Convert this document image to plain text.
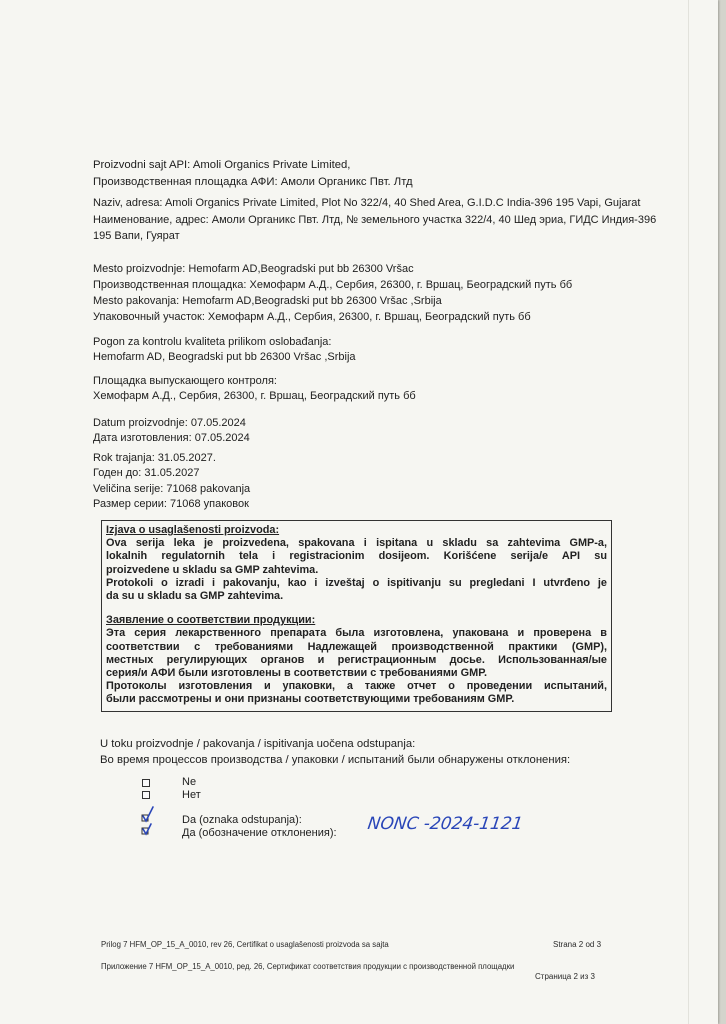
Proizvodni sajt API: Amoli Organics Private Limited,
Производственная площадка АФИ: Амоли Органикс Пвт. Лтд
Naziv, adresa: Amoli Organics Private Limited, Plot No 322/4, 40 Shed Area, G.I.D.C India-396 195 Vapi, Gujarat
Наименование, адрес: Амоли Органикс Пвт. Лтд, № земельного участка 322/4, 40 Шед эриа, ГИДС Индия-396
195 Вапи, Гуярат
Mesto proizvodnje: Hemofarm AD,Beogradski put bb 26300 Vršac
Производственная площадка: Хемофарм А.Д., Сербия, 26300, г. Вршац, Београдский путь бб
Mesto pakovanja: Hemofarm AD,Beogradski put bb 26300 Vršac ,Srbija
Упаковочный участок: Хемофарм А.Д., Сербия, 26300, г. Вршац, Београдский путь бб
Pogon za kontrolu kvaliteta prilikom oslobađanja:
Hemofarm AD, Beogradski put bb 26300 Vršac ,Srbija
Площадка выпускающего контроля:
Хемофарм А.Д., Сербия, 26300, г. Вршац, Београдский путь бб
Datum proizvodnje: 07.05.2024
Дата изготовления: 07.05.2024
Rok trajanja: 31.05.2027.
Годен до: 31.05.2027
Veličina serije: 71068 pakovanja
Размер серии: 71068 упаковок
Izjava o usaglašenosti proizvoda:
Ova serija leka je proizvedena, spakovana i ispitana u skladu sa zahtevima GMP-a,
lokalnih regulatornih tela i registracionim dosijeom. Korišćene serija/e API su
proizvedene u skladu sa GMP zahtevima.
Protokoli o izradi i pakovanju, kao i izveštaj o ispitivanju su pregledani I utvrđeno je
da su u skladu sa GMP zahtevima.
Заявление о соответствии продукции:
Эта серия лекарственного препарата была изготовлена, упакована и проверена в
соответствии с требованиями Надлежащей производственной практики (GMP),
местных регулирующих органов и регистрационным досье. Использованная/ые
серия/и АФИ были изготовлены в соответствии с требованиями GMP.
Протоколы изготовления и упаковки, а также отчет о проведении испытаний,
были рассмотрены и они признаны соответствующими требованиям GMP.
U toku proizvodnje / pakovanja / ispitivanja uočena odstupanja:
Во время процессов производства / упаковки / испытаний были обнаружены отклонения:
Ne
Нет
Da (oznaka odstupanja):
Да (обозначение отклонения): NONC -2024-1121
Prilog 7 HFM_OP_15_A_0010, rev 26, Certifikat o usaglašenosti proizvoda sa sajta	Strana 2 od 3
Приложение 7 HFM_OP_15_A_0010, ред. 26, Сертификат соответствия продукции с производственной площадки
Страница 2 из 3
